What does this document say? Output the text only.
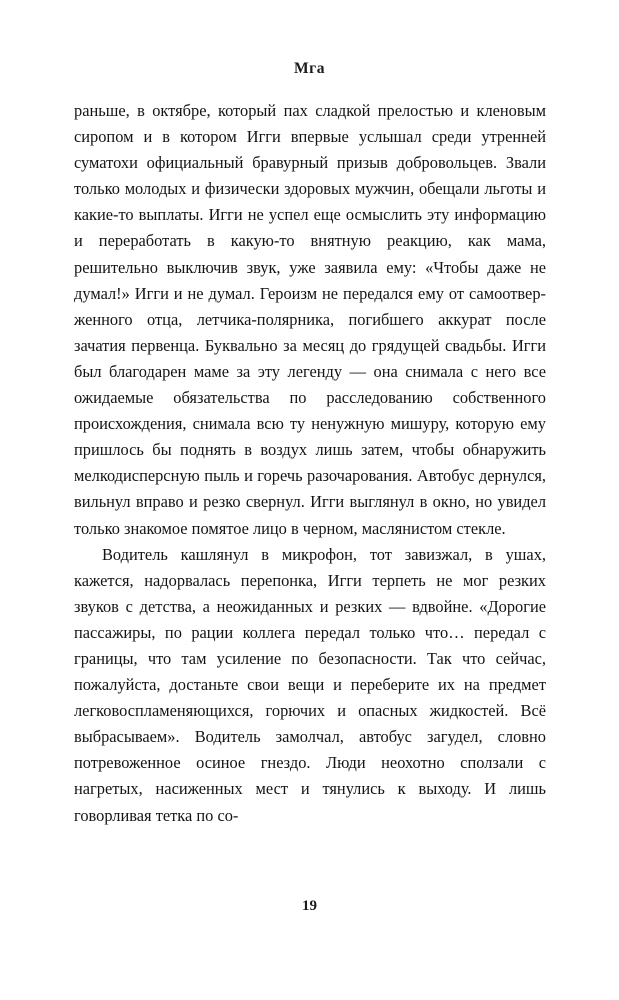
Мга

раньше, в октябре, который пах сладкой прелостью и кленовым сиропом и в котором Игги впервые услышал среди утренней суматохи официальный бравурный призыв добровольцев. Звали только молодых и физически здоровых мужчин, обещали льготы и какие-то выплаты. Игги не успел еще осмыслить эту информацию и переработать в какую-то внятную реакцию, как мама, решительно выключив звук, уже заявила ему: «Чтобы даже не думал!» Игги и не думал. Героизм не передался ему от самоотверженного отца, летчика-полярника, погибшего аккурат после зачатия первенца. Буквально за месяц до грядущей свадьбы. Игги был благодарен маме за эту легенду — она снимала с него все ожидаемые обязательства по расследованию собственного происхождения, снимала всю ту ненужную мишуру, которую ему пришлось бы поднять в воздух лишь затем, чтобы обнаружить мелкодисперсную пыль и горечь разочарования. Автобус дернулся, вильнул вправо и резко свернул. Игги выглянул в окно, но увидел только знакомое помятое лицо в черном, маслянистом стекле.

Водитель кашлянул в микрофон, тот завизжал, в ушах, кажется, надорвалась перепонка, Игги терпеть не мог резких звуков с детства, а неожиданных и резких — вдвойне. «Дорогие пассажиры, по рации коллега передал только что… передал с границы, что там усиление по безопасности. Так что сейчас, пожалуйста, достаньте свои вещи и переберите их на предмет легковоспламеняющихся, горючих и опасных жидкостей. Всё выбрасываем». Водитель замолчал, автобус загудел, словно потревоженное осиное гнездо. Люди неохотно сползали с нагретых, насиженных мест и тянулись к выходу. И лишь говорливая тетка по со-

19
